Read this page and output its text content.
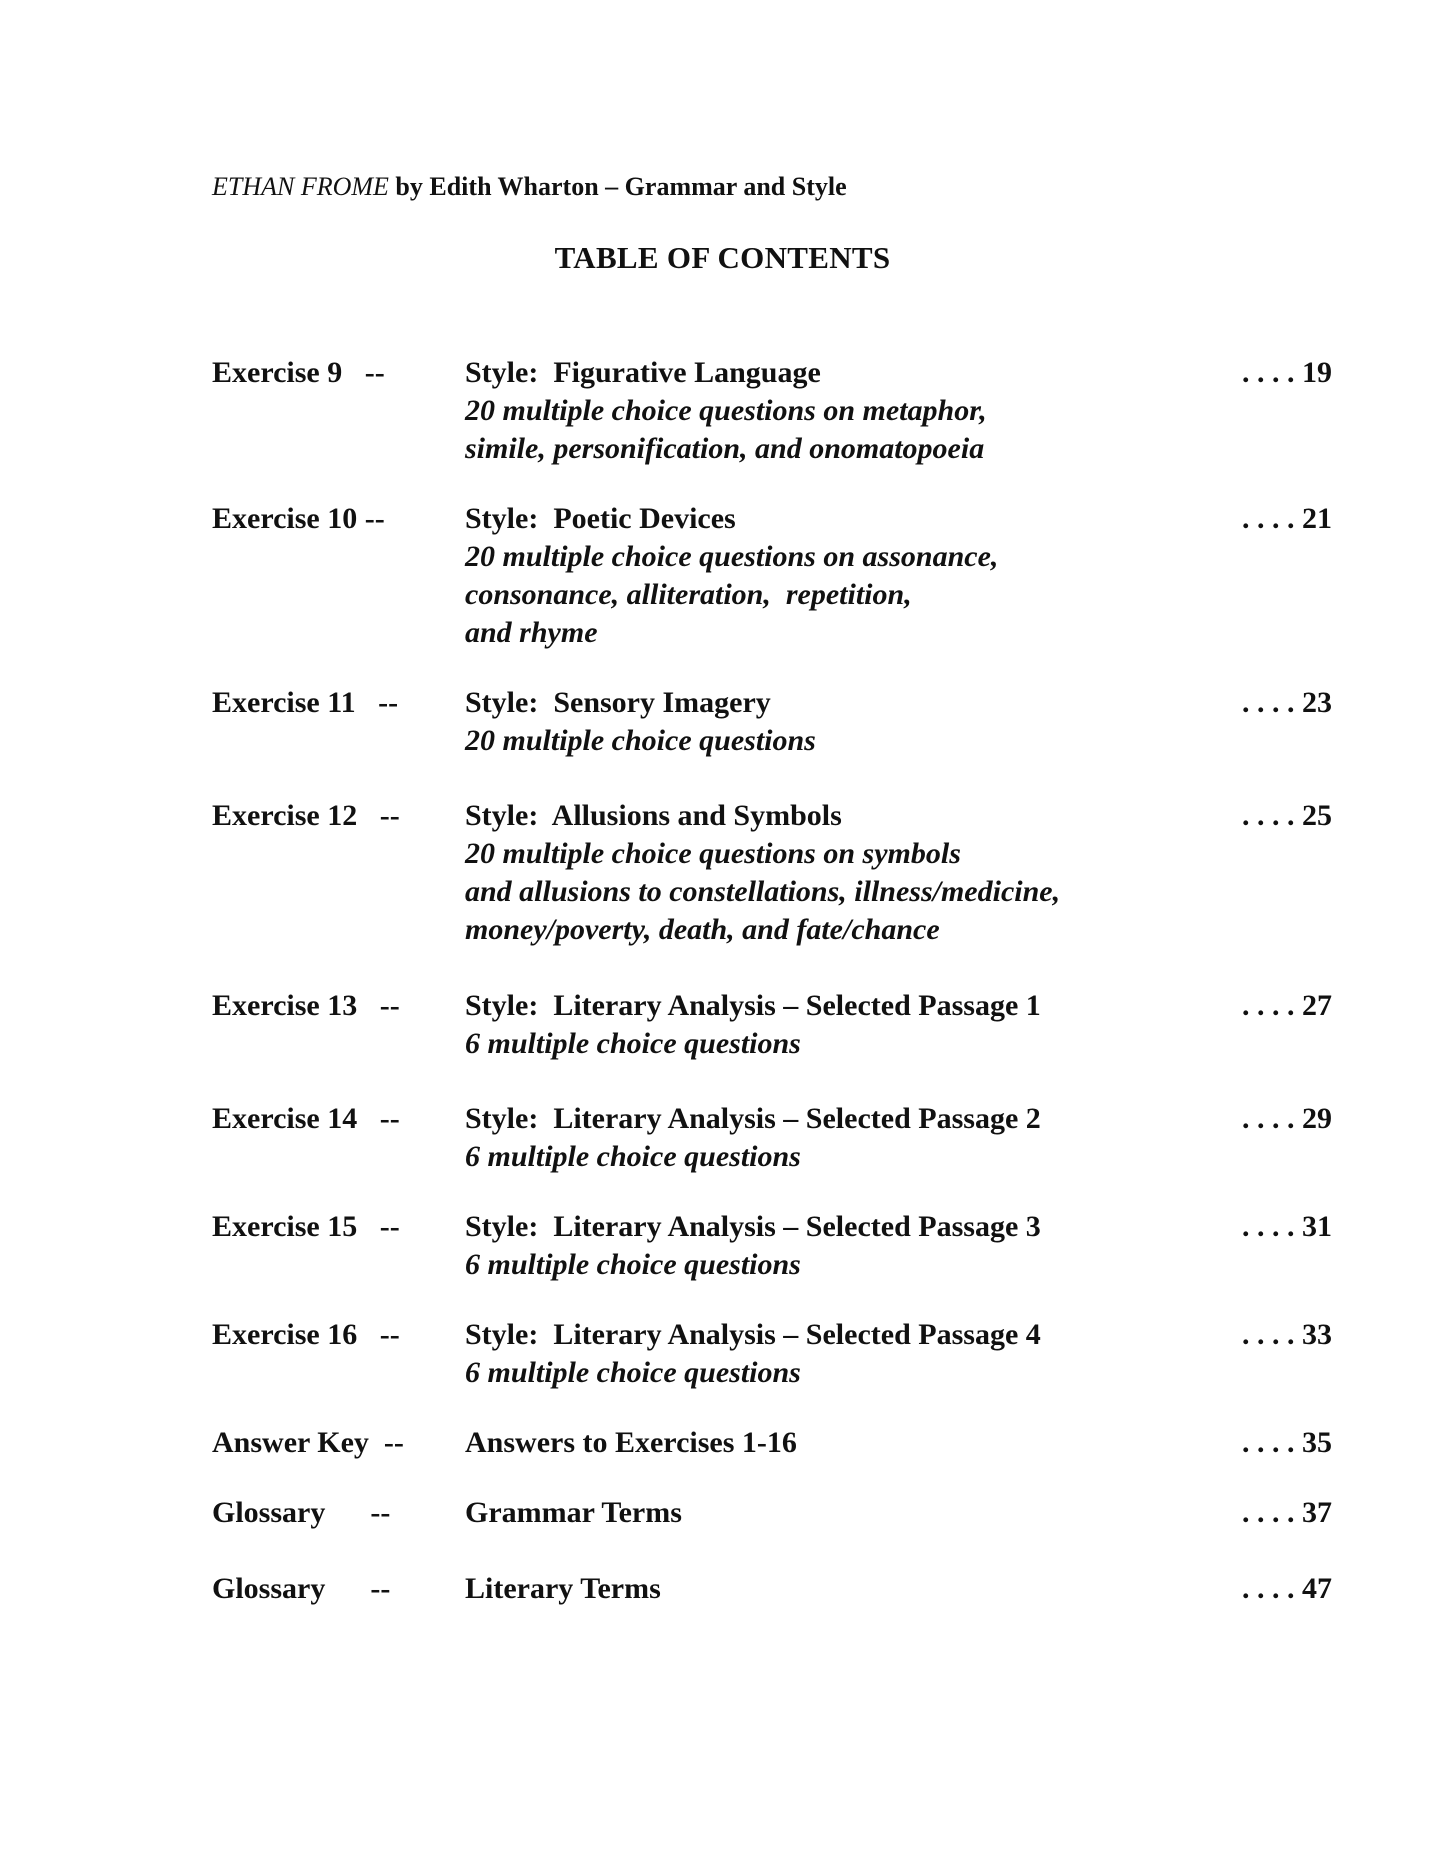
ETHAN FROME by Edith Wharton – Grammar and Style
TABLE OF CONTENTS
Exercise 9   --	Style:  Figurative Language
20 multiple choice questions on metaphor,
simile, personification, and onomatopoeia
. . . . 19
Exercise 10 --	Style:  Poetic Devices
20 multiple choice questions on assonance,
consonance, alliteration,  repetition,
and rhyme
. . . . 21
Exercise 11   -- Style:  Sensory Imagery
20 multiple choice questions
. . . . 23
Exercise 12   -- Style:  Allusions and Symbols
20 multiple choice questions on symbols
and allusions to constellations, illness/medicine,
money/poverty, death, and fate/chance
. . . . 25
Exercise 13   -- Style:  Literary Analysis – Selected Passage 1
6 multiple choice questions
. . . . 27
Exercise 14   -- Style:  Literary Analysis – Selected Passage 2
6 multiple choice questions
. . . . 29
Exercise 15   -- Style:  Literary Analysis – Selected Passage 3
6 multiple choice questions
. . . . 31
Exercise 16   -- Style:  Literary Analysis – Selected Passage 4
6 multiple choice questions
. . . . 33
Answer Key  -- Answers to Exercises 1-16	. . . . 35
Glossary      -- Grammar Terms	. . . . 37
Glossary      -- Literary Terms	. . . . 47
